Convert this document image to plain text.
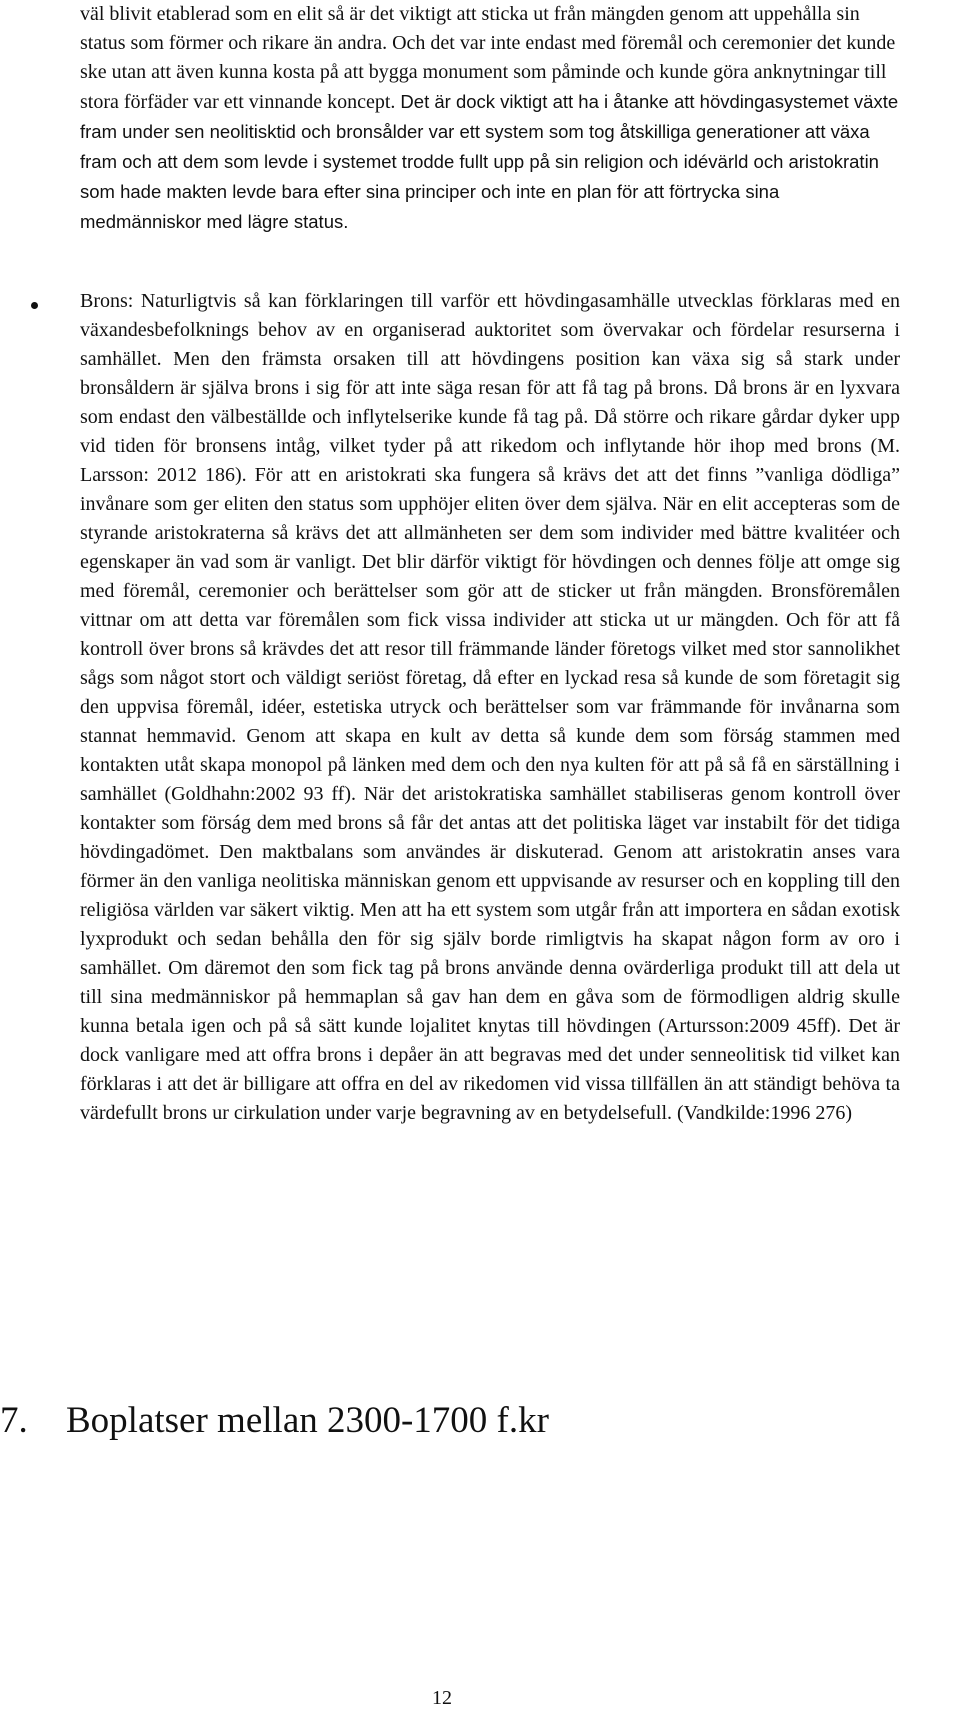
väl blivit etablerad som en elit så är det viktigt att sticka ut från mängden genom att uppehålla sin status som förmer och rikare än andra. Och det var inte endast med föremål och ceremonier det kunde ske utan att även kunna kosta på att bygga monument som påminde och kunde göra anknytningar till stora förfäder var ett vinnande koncept. Det är dock viktigt att ha i åtanke att hövdingasystemet växte fram under sen neolitisktid och bronsålder var ett system som tog åtskilliga generationer att växa fram och att dem som levde i systemet trodde fullt upp på sin religion och idévärld och aristokratin som hade makten levde bara efter sina principer och inte en plan för att förtrycka sina medmänniskor med lägre status.

Brons: Naturligtvis så kan förklaringen till varför ett hövdingasamhälle utvecklas förklaras med en växandesbefolknings behov av en organiserad auktoritet som övervakar och fördelar resurserna i samhället. Men den främsta orsaken till att hövdingens position kan växa sig så stark under bronsåldern är själva brons i sig för att inte säga resan för att få tag på brons. Då brons är en lyxvara som endast den välbeställde och inflytelserike kunde få tag på. Då större och rikare gårdar dyker upp vid tiden för bronsens intåg, vilket tyder på att rikedom och inflytande hör ihop med brons (M. Larsson: 2012 186). För att en aristokrati ska fungera så krävs det att det finns ”vanliga dödliga” invånare som ger eliten den status som upphöjer eliten över dem själva. När en elit accepteras som de styrande aristokraterna så krävs det att allmänheten ser dem som individer med bättre kvalitéer och egenskaper än vad som är vanligt. Det blir därför viktigt för hövdingen och dennes följe att omge sig med föremål, ceremonier och berättelser som gör att de sticker ut från mängden. Bronsföremålen vittnar om att detta var föremålen som fick vissa individer att sticka ut ur mängden. Och för att få kontroll över brons så krävdes det att resor till främmande länder företogs vilket med stor sannolikhet sågs som något stort och väldigt seriöst företag, då efter en lyckad resa så kunde de som företagit sig den uppvisa föremål, idéer, estetiska utryck och berättelser som var främmande för invånarna som stannat hemmavid. Genom att skapa en kult av detta så kunde dem som förság stammen med kontakten utåt skapa monopol på länken med dem och den nya kulten för att på så få en särställning i samhället (Goldhahn:2002 93 ff). När det aristokratiska samhället stabiliseras genom kontroll över kontakter som förság dem med brons så får det antas att det politiska läget var instabilt för det tidiga hövdingadömet. Den maktbalans som användes är diskuterad. Genom att aristokratin anses vara förmer än den vanliga neolitiska människan genom ett uppvisande av resurser och en koppling till den religiösa världen var säkert viktig. Men att ha ett system som utgår från att importera en sådan exotisk lyxprodukt och sedan behålla den för sig själv borde rimligtvis ha skapat någon form av oro i samhället. Om däremot den som fick tag på brons använde denna ovärderliga produkt till att dela ut till sina medmänniskor på hemmaplan så gav han dem en gåva som de förmodligen aldrig skulle kunna betala igen och på så sätt kunde lojalitet knytas till hövdingen (Artursson:2009 45ff). Det är dock vanligare med att offra brons i depåer än att begravas med det under senneolitisk tid vilket kan förklaras i att det är billigare att offra en del av rikedomen vid vissa tillfällen än att ständigt behöva ta värdefullt brons ur cirkulation under varje begravning av en betydelsefull. (Vandkilde:1996 276)

7. Boplatser mellan 2300-1700 f.kr

12
